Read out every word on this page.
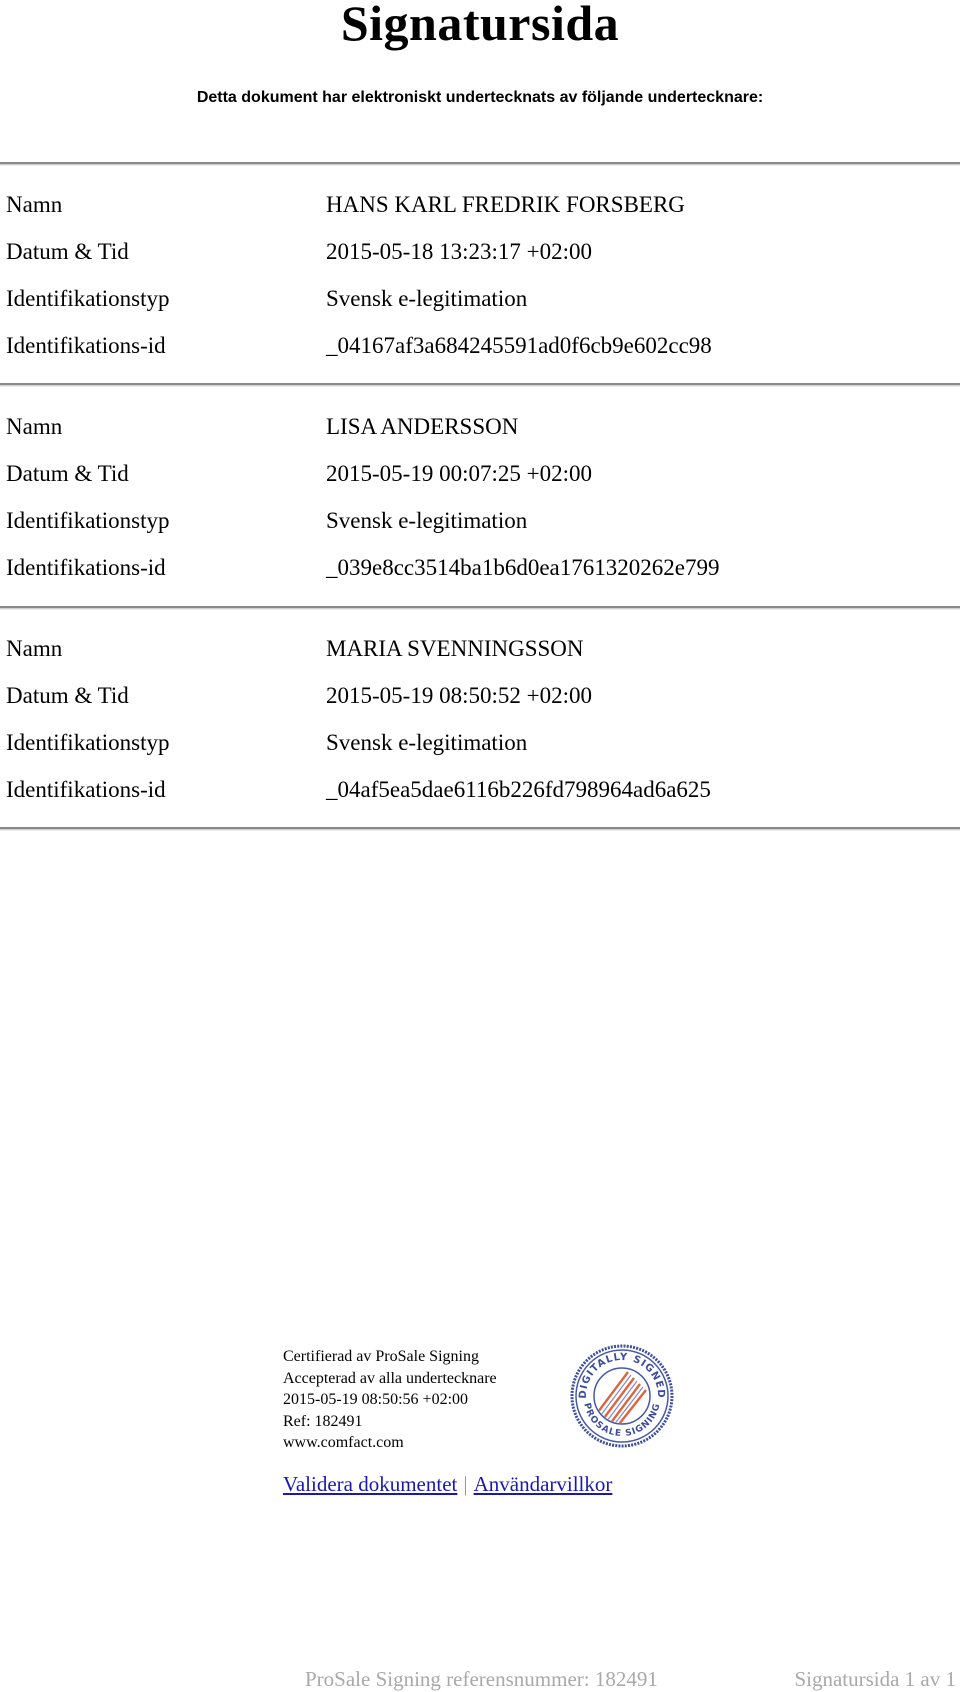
Signatursida
Detta dokument har elektroniskt undertecknats av följande undertecknare:
Namn	HANS KARL FREDRIK FORSBERG
Datum & Tid	2015-05-18 13:23:17 +02:00
Identifikationstyp	Svensk e-legitimation
Identifikations-id	_04167af3a684245591ad0f6cb9e602cc98
Namn	LISA ANDERSSON
Datum & Tid	2015-05-19 00:07:25 +02:00
Identifikationstyp	Svensk e-legitimation
Identifikations-id	_039e8cc3514ba1b6d0ea1761320262e799
Namn	MARIA SVENNINGSSON
Datum & Tid	2015-05-19 08:50:52 +02:00
Identifikationstyp	Svensk e-legitimation
Identifikations-id	_04af5ea5dae6116b226fd798964ad6a625
Certifierad av ProSale Signing
Accepterad av alla undertecknare
2015-05-19 08:50:56 +02:00
Ref: 182491
www.comfact.com
DIGITALLY SIGNED
PROSALE SIGNING
Validera dokumentet | Användarvillkor
ProSale Signing referensnummer: 182491	Signatursida 1 av 1
